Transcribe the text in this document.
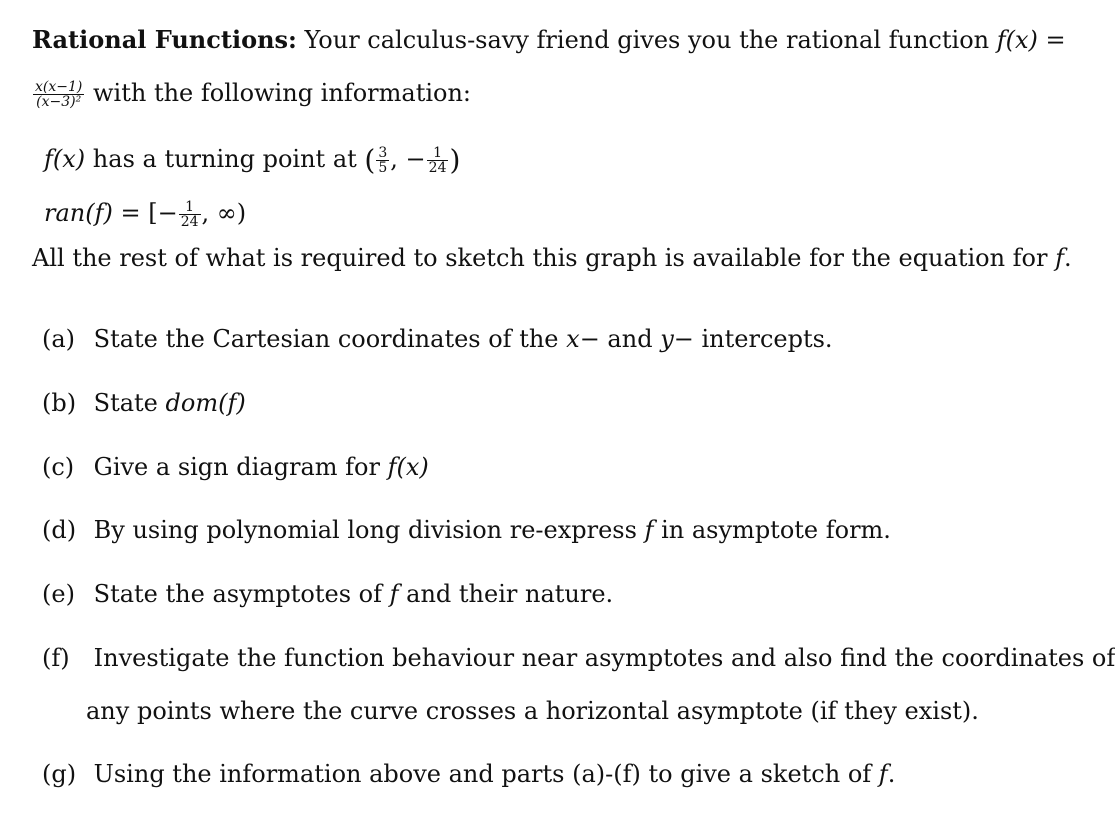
Rational Functions: Your calculus-savy friend gives you the rational function f(x) =
$\frac{x(x-1)}{\text{(x−3)²}}$ with the following information:
f(x) has a turning point at ( $\frac{3}{5}$ , − $\frac{1}{24}$ )
ran(f) = [− $\frac{1}{24}$ , ∞)
All the rest of what is required to sketch this graph is available for the equation for f.
(a) State the Cartesian coordinates of the x− and y− intercepts.
(b) State dom(f)
(c) Give a sign diagram for f(x)
(d) By using polynomial long division re-express f in asymptote form.
(e) State the asymptotes of f and their nature.
(f) Investigate the function behaviour near asymptotes and also find the coordinates of
any points where the curve crosses a horizontal asymptote (if they exist).
(g) Using the information above and parts (a)-(f) to give a sketch of f.
